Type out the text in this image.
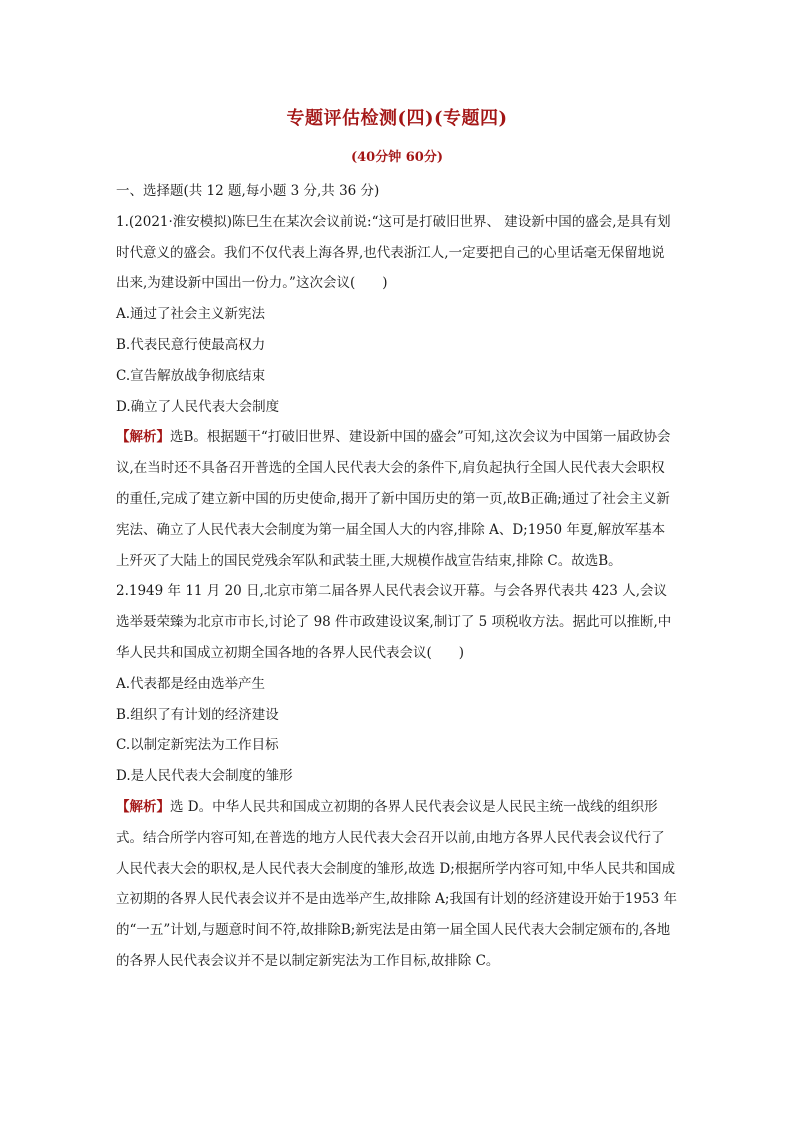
专题评估检测(四)(专题四)
(40分钟 60分)

一、选择题(共 12 题,每小题 3 分,共 36 分)

1.(2021·淮安模拟)陈巳生在某次会议前说:“这可是打破旧世界、 建设新中国的盛会,是具有划时代意义的盛会。我们不仅代表上海各界,也代表浙江人,一定要把自己的心里话毫无保留地说出来,为建设新中国出一份力。”这次会议(　　)

A.通过了社会主义新宪法

B.代表民意行使最高权力

C.宣告解放战争彻底结束

D.确立了人民代表大会制度

【解析】选B。根据题干“打破旧世界、建设新中国的盛会”可知,这次会议为中国第一届政协会议,在当时还不具备召开普选的全国人民代表大会的条件下,肩负起执行全国人民代表大会职权的重任,完成了建立新中国的历史使命,揭开了新中国历史的第一页,故B正确;通过了社会主义新宪法、确立了人民代表大会制度为第一届全国人大的内容,排除 A、D;1950 年夏,解放军基本上歼灭了大陆上的国民党残余军队和武装土匪,大规模作战宣告结束,排除 C。故选B。

2.1949 年 11 月 20 日,北京市第二届各界人民代表会议开幕。与会各界代表共 423 人,会议选举聂荣臻为北京市市长,讨论了 98 件市政建设议案,制订了 5 项税收方法。据此可以推断,中华人民共和国成立初期全国各地的各界人民代表会议(　　)

A.代表都是经由选举产生

B.组织了有计划的经济建设

C.以制定新宪法为工作目标

D.是人民代表大会制度的雏形

【解析】选 D。中华人民共和国成立初期的各界人民代表会议是人民民主统一战线的组织形式。结合所学内容可知,在普选的地方人民代表大会召开以前,由地方各界人民代表会议代行了人民代表大会的职权,是人民代表大会制度的雏形,故选 D;根据所学内容可知,中华人民共和国成立初期的各界人民代表会议并不是由选举产生,故排除 A;我国有计划的经济建设开始于1953 年的“一五”计划,与题意时间不符,故排除B;新宪法是由第一届全国人民代表大会制定颁布的,各地的各界人民代表会议并不是以制定新宪法为工作目标,故排除 C。
